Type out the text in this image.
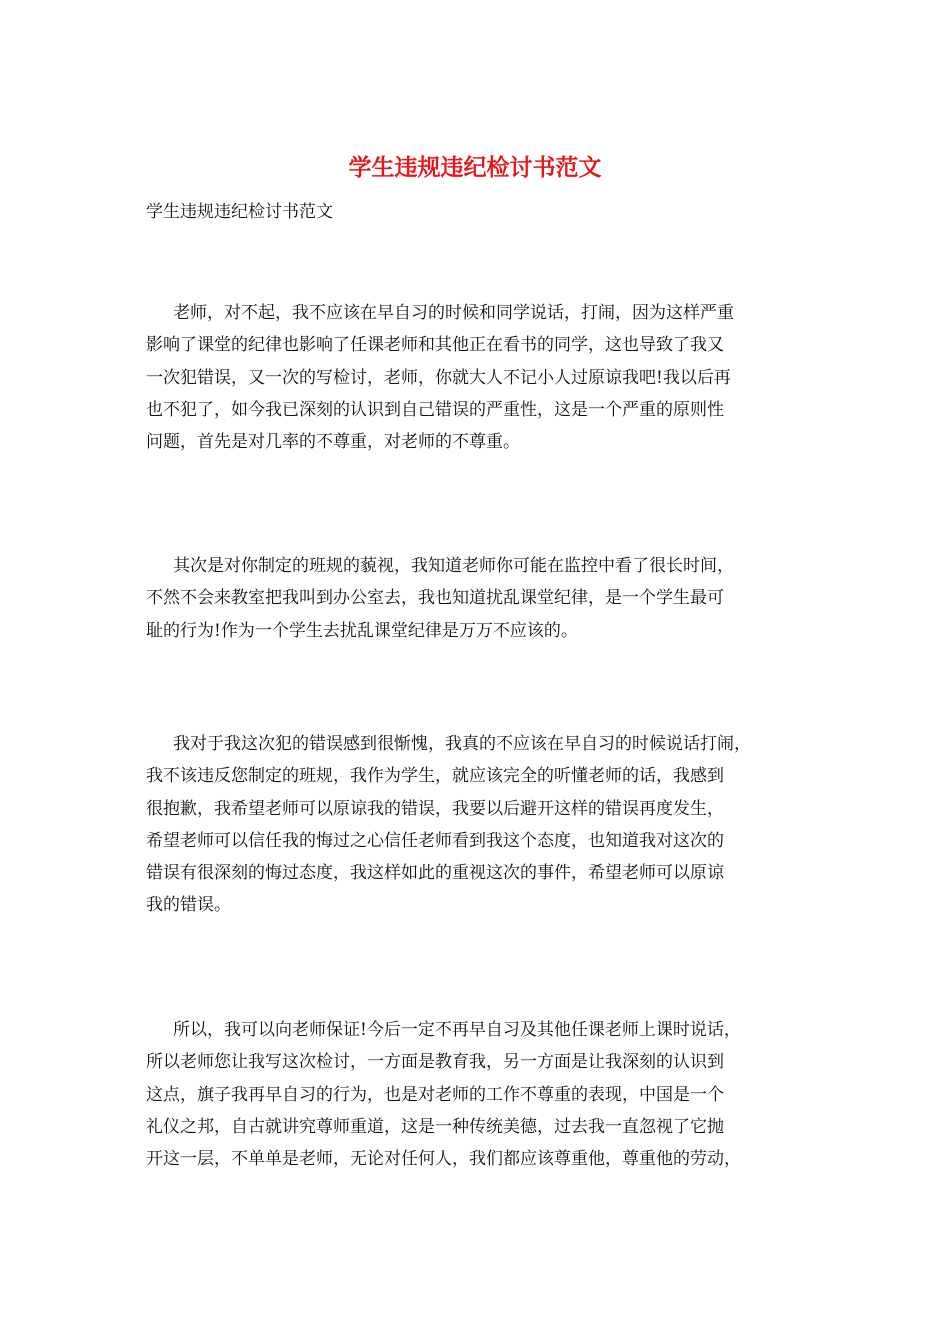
学生违规违纪检讨书范文
学生违规违纪检讨书范文
老师，对不起，我不应该在早自习的时候和同学说话，打闹，因为这样严重
影响了课堂的纪律也影响了任课老师和其他正在看书的同学，这也导致了我又
一次犯错误，又一次的写检讨，老师，你就大人不记小人过原谅我吧!我以后再
也不犯了，如今我已深刻的认识到自己错误的严重性，这是一个严重的原则性
问题，首先是对几率的不尊重，对老师的不尊重。
其次是对你制定的班规的藐视，我知道老师你可能在监控中看了很长时间，
不然不会来教室把我叫到办公室去，我也知道扰乱课堂纪律，是一个学生最可
耻的行为!作为一个学生去扰乱课堂纪律是万万不应该的。
我对于我这次犯的错误感到很惭愧，我真的不应该在早自习的时候说话打闹，
我不该违反您制定的班规，我作为学生，就应该完全的听懂老师的话，我感到
很抱歉，我希望老师可以原谅我的错误，我要以后避开这样的错误再度发生，
希望老师可以信任我的悔过之心信任老师看到我这个态度，也知道我对这次的
错误有很深刻的悔过态度，我这样如此的重视这次的事件，希望老师可以原谅
我的错误。
所以，我可以向老师保证!今后一定不再早自习及其他任课老师上课时说话，
所以老师您让我写这次检讨，一方面是教育我，另一方面是让我深刻的认识到
这点，旗子我再早自习的行为，也是对老师的工作不尊重的表现，中国是一个
礼仪之邦，自古就讲究尊师重道，这是一种传统美德，过去我一直忽视了它抛
开这一层，不单单是老师，无论对任何人，我们都应该尊重他，尊重他的劳动，
